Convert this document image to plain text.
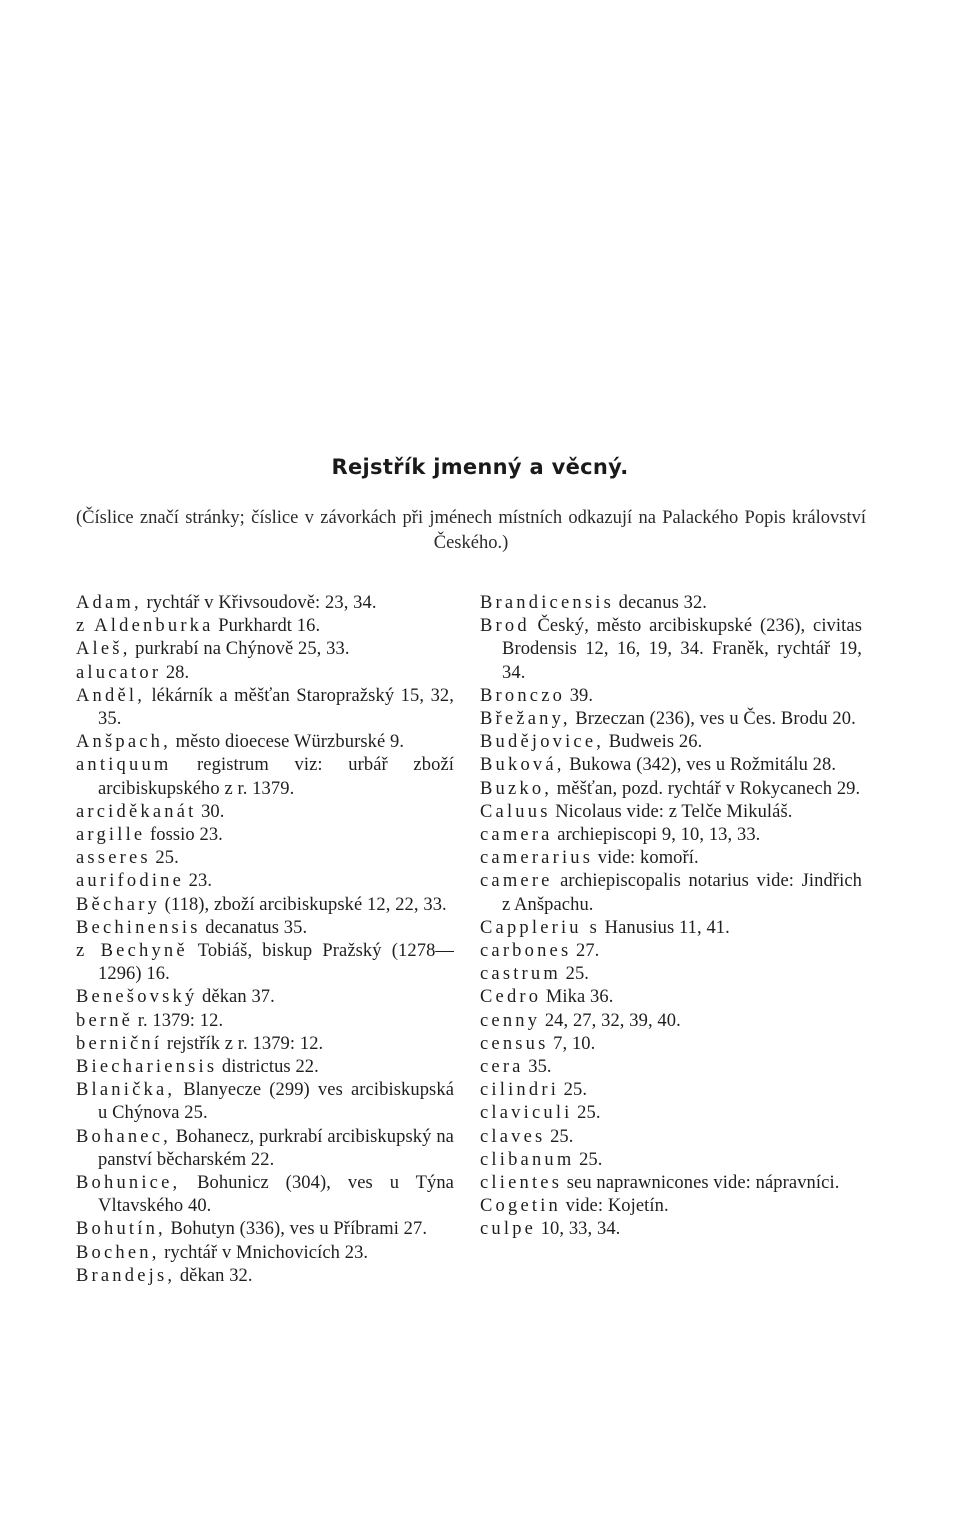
Rejstřík jmenný a věcný.
(Číslice značí stránky; číslice v závorkách při jménech místních odkazují na Palackého Popis království Českého.)

Adam, rychtář v Křivsoudově: 23, 34.

z Aldenburka Purkhardt 16.

Aleš, purkrabí na Chýnově 25, 33.

alucator 28.

Anděl, lékárník a měšťan Staropražský 15, 32, 35.

Anšpach, město dioecese Würzburské 9.

antiquum registrum viz: urbář zboží arcibiskupského z r. 1379.

arciděkanát 30.

argille fossio 23.

asseres 25.

aurifodine 23.

Běchary (118), zboží arcibiskupské 12, 22, 33.

Bechinensis decanatus 35.

z Bechyně Tobiáš, biskup Pražský (1278—1296) 16.

Benešovský děkan 37.

berně r. 1379: 12.

berniční rejstřík z r. 1379: 12.

Biechariensis districtus 22.

Blanička, Blanyecze (299) ves arcibiskupská u Chýnova 25.

Bohanec, Bohanecz, purkrabí arcibiskupský na panství běcharském 22.

Bohunice, Bohunicz (304), ves u Týna Vltavského 40.

Bohutín, Bohutyn (336), ves u Příbrami 27.

Bochen, rychtář v Mnichovicích 23.

Brandejs, děkan 32.

Brandicensis decanus 32.

Brod Český, město arcibiskupské (236), civitas Brodensis 12, 16, 19, 34. Franěk, rychtář 19, 34.

Bronczo 39.

Břežany, Brzeczan (236), ves u Čes. Brodu 20.

Budějovice, Budweis 26.

Buková, Bukowa (342), ves u Rožmitálu 28.

Buzko, měšťan, pozd. rychtář v Rokycanech 29.

Caluus Nicolaus vide: z Telče Mikuláš.

camera archiepiscopi 9, 10, 13, 33.

camerarius vide: komoří.

camere archiepiscopalis notarius vide: Jindřich z Anšpachu.

Cappleriu s Hanusius 11, 41.

carbones 27.

castrum 25.

Cedro Mika 36.

cenny 24, 27, 32, 39, 40.

census 7, 10.

cera 35.

cilindri 25.

claviculi 25.

claves 25.

clibanum 25.

clientes seu naprawnicones vide: nápravníci.

Cogetin vide: Kojetín.

culpe 10, 33, 34.
